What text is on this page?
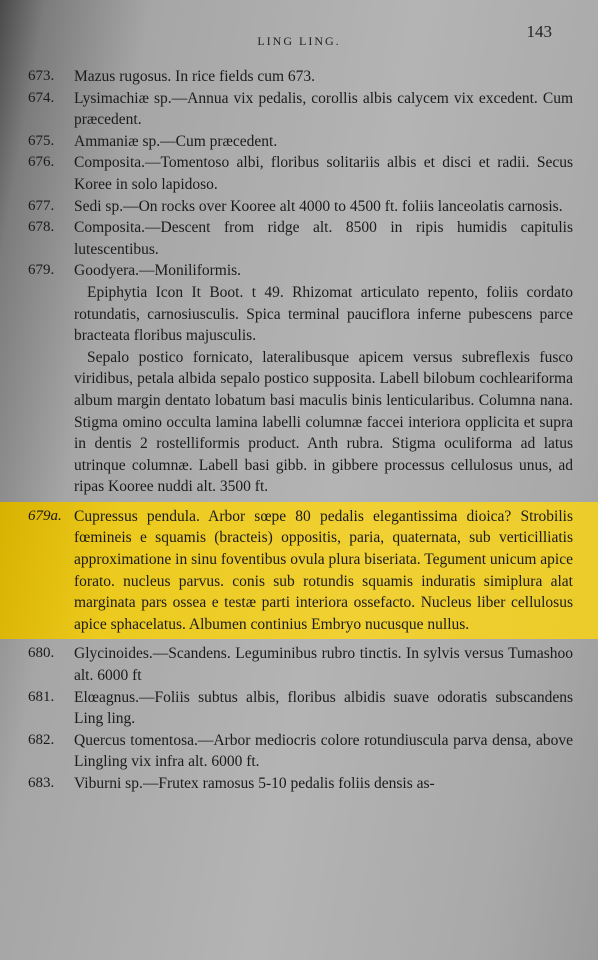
LING LING.	143
673.	Mazus rugosus. In rice fields cum 673.

674.	Lysimachiæ sp.—Annua vix pedalis, corollis albis calycem vix excedent. Cum præcedent.

675.	Ammaniæ sp.—Cum præcedent.

676.	Composita.—Tomentoso albi, floribus solitariis albis et disci et radii. Secus Koree in solo lapidoso.

677.	Sedi sp.—On rocks over Kooree alt 4000 to 4500 ft. foliis lanceolatis carnosis.

678.	Composita.—Descent from ridge alt. 8500 in ripis humidis capitulis lutescentibus.

679.	Goodyera.—Moniliformis.

Epiphytia Icon It Boot. t 49. Rhizomat articulato repento, foliis cordato rotundatis, carnosiusculis. Spica terminal pauciflora inferne pubescens parce bracteata floribus majusculis.

Sepalo postico fornicato, lateralibusque apicem versus subreflexis fusco viridibus, petala albida sepalo postico supposita. Labell bilobum cochleariforma album margin dentato lobatum basi maculis binis lenticularibus. Columna nana. Stigma omino occulta lamina labelli columnæ faccei interiora opplicita et supra in dentis 2 rostelliformis product. Anth rubra. Stigma oculiforma ad latus utrinque columnæ. Labell basi gibb. in gibbere processus cellulosus unus, ad ripas Kooree nuddi alt. 3500 ft.

679a. Cupressus pendula. Arbor sœpe 80 pedalis elegantissima dioica? Strobilis fœmineis e squamis (bracteis) oppositis, paria, quaternata, sub verticilliatis approximatione in sinu foventibus ovula plura biseriata. Tegument unicum apice forato. nucleus parvus. conis sub rotundis squamis induratis simiplura alat marginata pars ossea e testæ parti interiora ossefacto. Nucleus liber cellulosus apice sphacelatus. Albumen continius Embryo nucusque nullus.

680.	Glycinoides.—Scandens. Leguminibus rubro tinctis. In sylvis versus Tumashoo alt. 6000 ft

681.	Elœagnus.—Foliis subtus albis, floribus albidis suave odoratis subscandens Ling ling.

682.	Quercus tomentosa.—Arbor mediocris colore rotundiuscula parva densa, above Lingling vix infra alt. 6000 ft.

683.	Viburni sp.—Frutex ramosus 5-10 pedalis foliis densis as-
